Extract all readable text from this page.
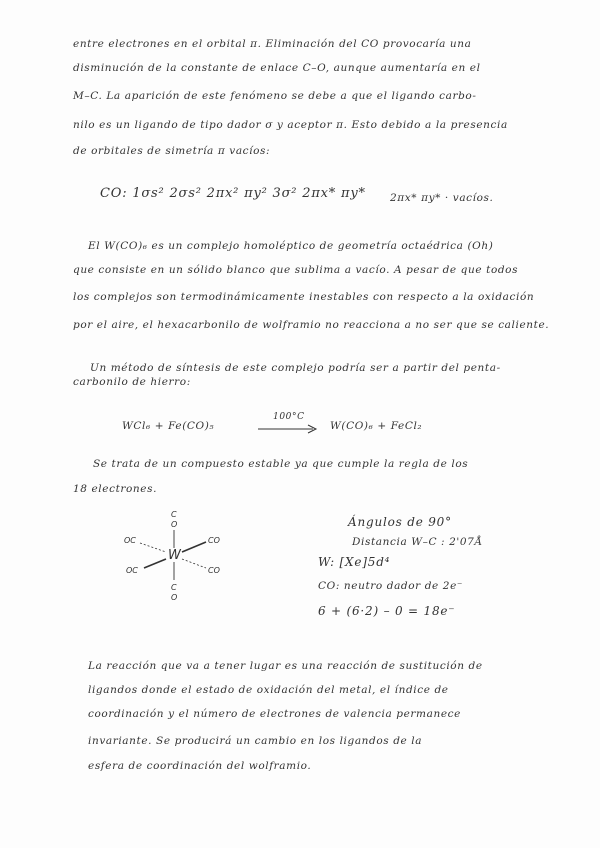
entre electrones en el orbital π. Eliminación del CO provocaría una
disminución de la constante de enlace C–O, aunque aumentaría en el
M–C. La aparición de este fenómeno se debe a que el ligando carbo-
nilo es un ligando de tipo dador σ y aceptor π. Esto debido a la presencia
de orbitales de simetría π vacíos:
CO: 1σs² 2σs² 2πx² πy² 3σ² 2πx* πy* 2πx* πy* · vacíos.
El W(CO)₆ es un complejo homoléptico de geometría octaédrica (Oh)
que consiste en un sólido blanco que sublima a vacío. A pesar de que todos
los complejos son termodinámicamente inestables con respecto a la oxidación
por el aire, el hexacarbonilo de wolframio no reacciona a no ser que se caliente.
Un método de síntesis de este complejo podría ser a partir del penta-
carbonilo de hierro:
WCl₆ + Fe(CO)₅
100°C
→ W(CO)₆ + FeCl₂
Se trata de un compuesto estable ya que cumple la regla de los
18 electrones.
C
O
OC	CO
W
OC	CO
C
O
Ángulos de 90°
Distancia W–C : 2'07Å
W: [Xe]5d⁴
CO: neutro dador de 2e⁻
6 + (6·2) – 0 = 18e⁻
La reacción que va a tener lugar es una reacción de sustitución de
ligandos donde el estado de oxidación del metal, el índice de
coordinación y el número de electrones de valencia permanece
invariante. Se producirá un cambio en los ligandos de la
esfera de coordinación del wolframio.
